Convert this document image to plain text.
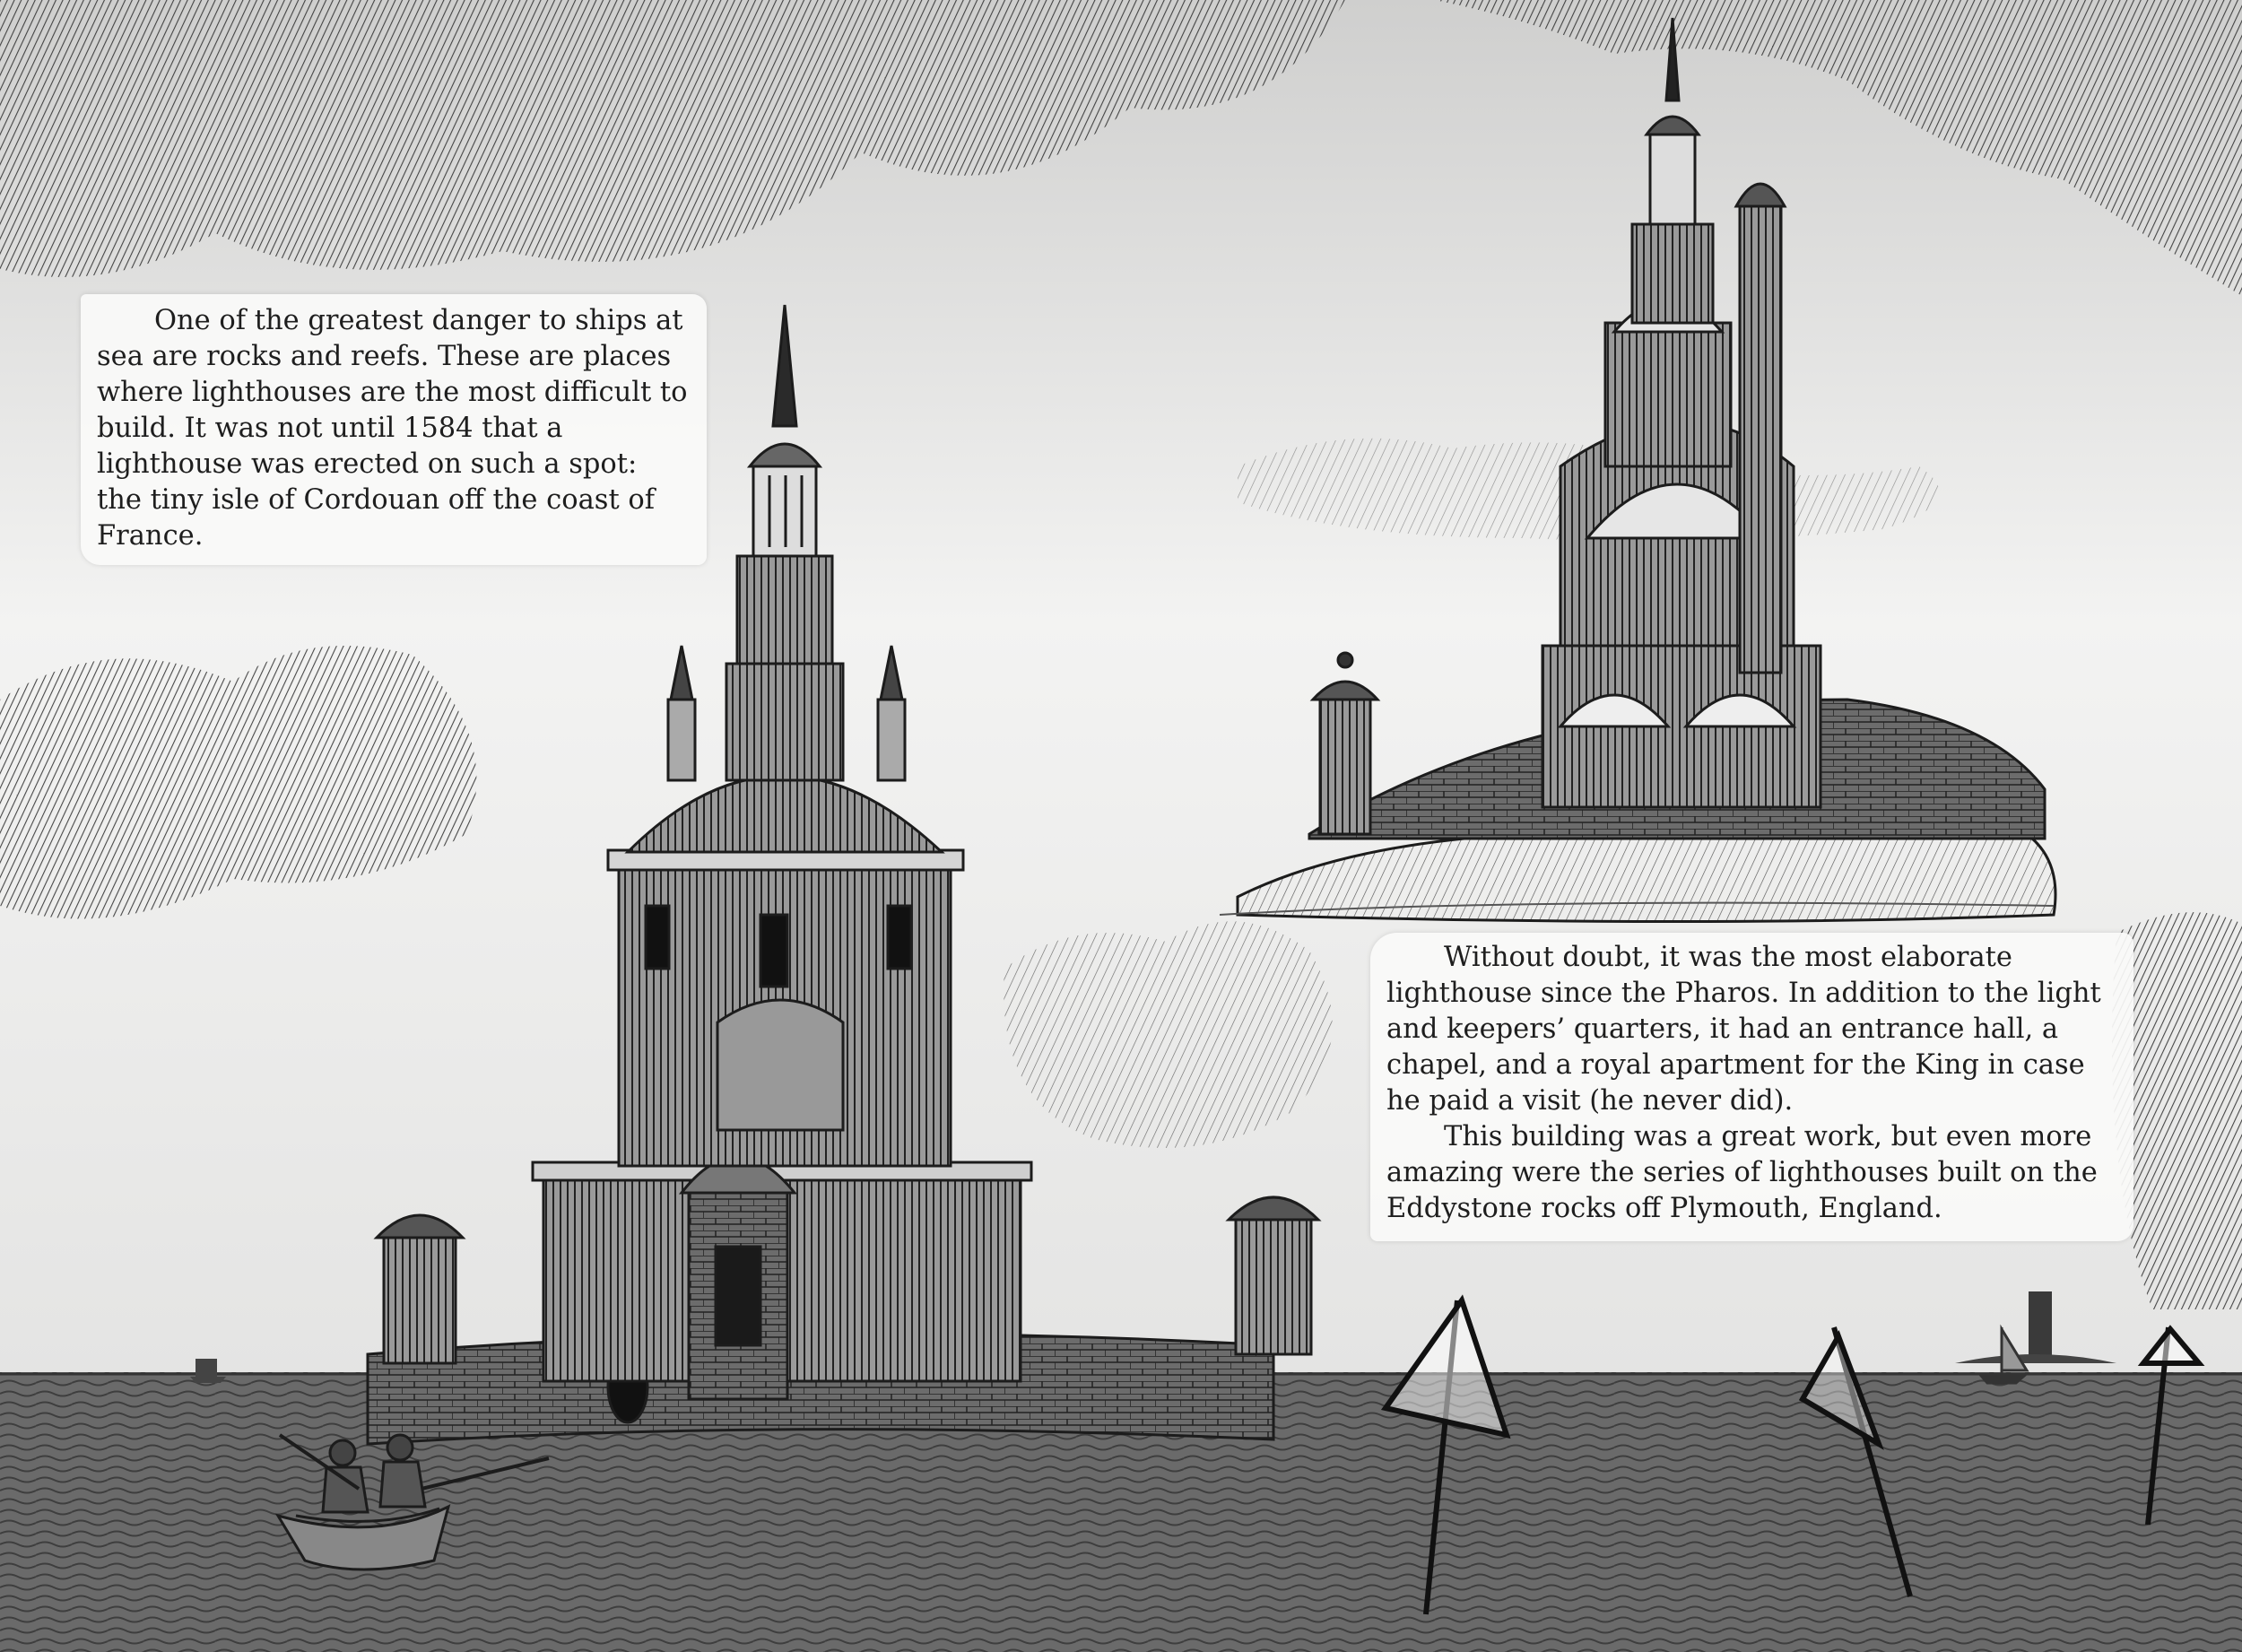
One of the greatest danger to ships at sea are rocks and reefs. These are places where lighthouses are the most difficult to build. It was not until 1584 that a lighthouse was erected on such a spot: the tiny isle of Cordouan off the coast of France.

Without doubt, it was the most elaborate lighthouse since the Pharos. In addition to the light and keepers’ quarters, it had an entrance hall, a chapel, and a royal apartment for the King in case he paid a visit (he never did).

This building was a great work, but even more amazing were the series of lighthouses built on the Eddystone rocks off Plymouth, England.
